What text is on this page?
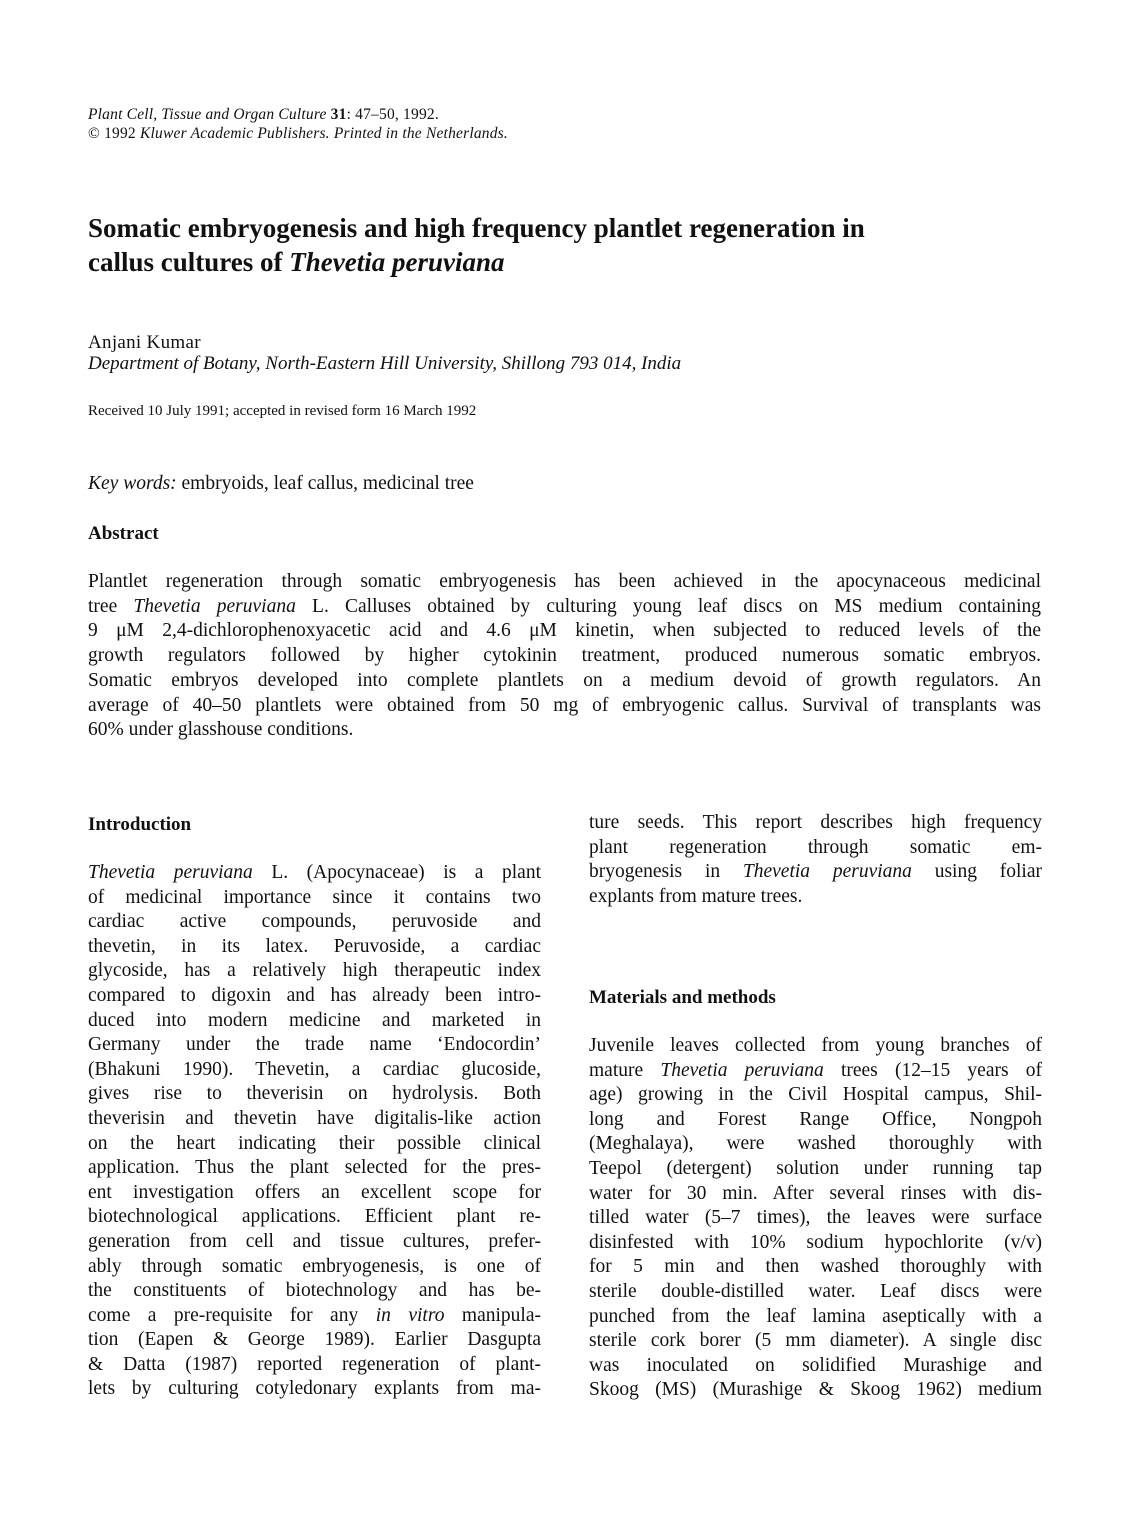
Plant Cell, Tissue and Organ Culture 31: 47–50, 1992.
© 1992 Kluwer Academic Publishers. Printed in the Netherlands.
Somatic embryogenesis and high frequency plantlet regeneration in
callus cultures of Thevetia peruviana
Anjani Kumar
Department of Botany, North-Eastern Hill University, Shillong 793 014, India
Received 10 July 1991; accepted in revised form 16 March 1992
Key words: embryoids, leaf callus, medicinal tree
Abstract
Plantlet regeneration through somatic embryogenesis has been achieved in the apocynaceous medicinal
tree Thevetia peruviana L. Calluses obtained by culturing young leaf discs on MS medium containing
9 μM 2,4-dichlorophenoxyacetic acid and 4.6 μM kinetin, when subjected to reduced levels of the
growth regulators followed by higher cytokinin treatment, produced numerous somatic embryos.
Somatic embryos developed into complete plantlets on a medium devoid of growth regulators. An
average of 40–50 plantlets were obtained from 50 mg of embryogenic callus. Survival of transplants was
60% under glasshouse conditions.
Introduction
Thevetia peruviana L. (Apocynaceae) is a plant
of medicinal importance since it contains two
cardiac active compounds, peruvoside and
thevetin, in its latex. Peruvoside, a cardiac
glycoside, has a relatively high therapeutic index
compared to digoxin and has already been intro-
duced into modern medicine and marketed in
Germany under the trade name ‘Endocordin’
(Bhakuni 1990). Thevetin, a cardiac glucoside,
gives rise to theverisin on hydrolysis. Both
theverisin and thevetin have digitalis-like action
on the heart indicating their possible clinical
application. Thus the plant selected for the pres-
ent investigation offers an excellent scope for
biotechnological applications. Efficient plant re-
generation from cell and tissue cultures, prefer-
ably through somatic embryogenesis, is one of
the constituents of biotechnology and has be-
come a pre-requisite for any in vitro manipula-
tion (Eapen & George 1989). Earlier Dasgupta
& Datta (1987) reported regeneration of plant-
lets by culturing cotyledonary explants from ma-
ture seeds. This report describes high frequency
plant regeneration through somatic em-
bryogenesis in Thevetia peruviana using foliar
explants from mature trees.
Materials and methods
Juvenile leaves collected from young branches of
mature Thevetia peruviana trees (12–15 years of
age) growing in the Civil Hospital campus, Shil-
long and Forest Range Office, Nongpoh
(Meghalaya), were washed thoroughly with
Teepol (detergent) solution under running tap
water for 30 min. After several rinses with dis-
tilled water (5–7 times), the leaves were surface
disinfested with 10% sodium hypochlorite (v/v)
for 5 min and then washed thoroughly with
sterile double-distilled water. Leaf discs were
punched from the leaf lamina aseptically with a
sterile cork borer (5 mm diameter). A single disc
was inoculated on solidified Murashige and
Skoog (MS) (Murashige & Skoog 1962) medium
